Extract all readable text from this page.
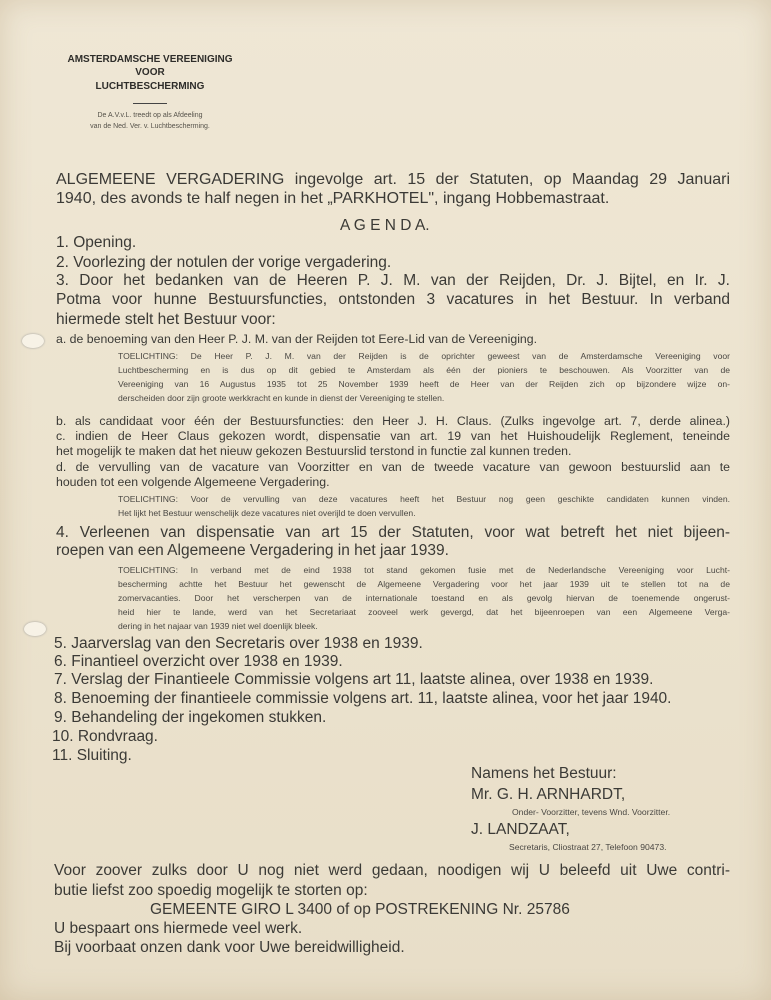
AMSTERDAMSCHE VEREENIGING
VOOR
LUCHTBESCHERMING
De A.V.v.L. treedt op als Afdeeling
van de Ned. Ver. v. Luchtbescherming.
ALGEMEENE VERGADERING ingevolge art. 15 der Statuten, op Maandag 29 Januari
1940, des avonds te half negen in het „PARKHOTEL", ingang Hobbemastraat.
A G E N D A.
1. Opening.
2. Voorlezing der notulen der vorige vergadering.
3. Door het bedanken van de Heeren P. J. M. van der Reijden, Dr. J. Bijtel, en Ir. J.
Potma voor hunne Bestuursfuncties, ontstonden 3 vacatures in het Bestuur. In verband
hiermede stelt het Bestuur voor:
a. de benoeming van den Heer P. J. M. van der Reijden tot Eere-Lid van de Vereeniging.
TOELICHTING: De Heer P. J. M. van der Reijden is de oprichter geweest van de Amsterdamsche Vereeniging voor
Luchtbescherming en is dus op dit gebied te Amsterdam als één der pioniers te beschouwen. Als Voorzitter van de
Vereeniging van 16 Augustus 1935 tot 25 November 1939 heeft de Heer van der Reijden zich op bijzondere wijze on-
derscheiden door zijn groote werkkracht en kunde in dienst der Vereeniging te stellen.
b. als candidaat voor één der Bestuursfuncties: den Heer J. H. Claus. (Zulks ingevolge art. 7, derde alinea.)
c. indien de Heer Claus gekozen wordt, dispensatie van art. 19 van het Huishoudelijk Reglement, teneinde
het mogelijk te maken dat het nieuw gekozen Bestuurslid terstond in functie zal kunnen treden.
d. de vervulling van de vacature van Voorzitter en van de tweede vacature van gewoon bestuurslid aan te
houden tot een volgende Algemeene Vergadering.
TOELICHTING: Voor de vervulling van deze vacatures heeft het Bestuur nog geen geschikte candidaten kunnen vinden.
Het lijkt het Bestuur wenschelijk deze vacatures niet overijld te doen vervullen.
4. Verleenen van dispensatie van art 15 der Statuten, voor wat betreft het niet bijeen-
roepen van een Algemeene Vergadering in het jaar 1939.
TOELICHTING: In verband met de eind 1938 tot stand gekomen fusie met de Nederlandsche Vereeniging voor Lucht-
bescherming achtte het Bestuur het gewenscht de Algemeene Vergadering voor het jaar 1939 uit te stellen tot na de
zomervacanties. Door het verscherpen van de internationale toestand en als gevolg hiervan de toenemende ongerust-
heid hier te lande, werd van het Secretariaat zooveel werk gevergd, dat het bijeenroepen van een Algemeene Verga-
dering in het najaar van 1939 niet wel doenlijk bleek.
5. Jaarverslag van den Secretaris over 1938 en 1939.
6. Finantieel overzicht over 1938 en 1939.
7. Verslag der Finantieele Commissie volgens art 11, laatste alinea, over 1938 en 1939.
8. Benoeming der finantieele commissie volgens art. 11, laatste alinea, voor het jaar 1940.
9. Behandeling der ingekomen stukken.
10. Rondvraag.
11. Sluiting.
Namens het Bestuur:
Mr. G. H. ARNHARDT,
Onder- Voorzitter, tevens Wnd. Voorzitter.
J. LANDZAAT,
Secretaris, Cliostraat 27, Telefoon 90473.
Voor zoover zulks door U nog niet werd gedaan, noodigen wij U beleefd uit Uwe contri-
butie liefst zoo spoedig mogelijk te storten op:
GEMEENTE GIRO L 3400 of op POSTREKENING Nr. 25786
U bespaart ons hiermede veel werk.
Bij voorbaat onzen dank voor Uwe bereidwilligheid.
